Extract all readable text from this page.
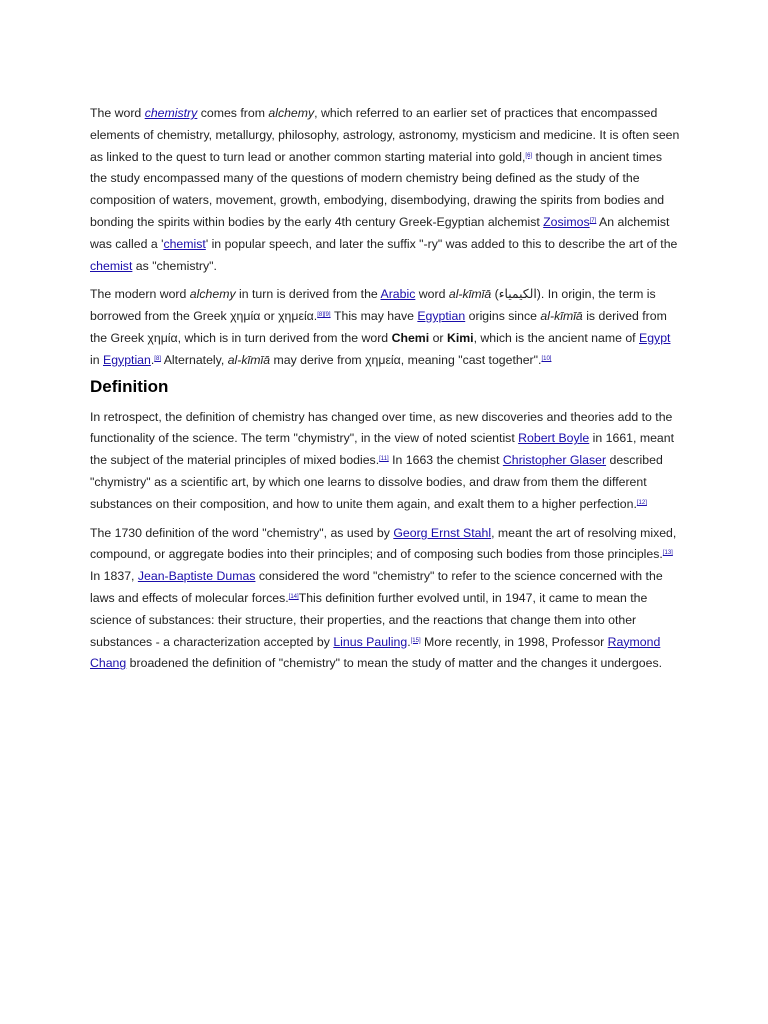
The word chemistry comes from alchemy, which referred to an earlier set of practices that encompassed elements of chemistry, metallurgy, philosophy, astrology, astronomy, mysticism and medicine. It is often seen as linked to the quest to turn lead or another common starting material into gold,[6] though in ancient times the study encompassed many of the questions of modern chemistry being defined as the study of the composition of waters, movement, growth, embodying, disembodying, drawing the spirits from bodies and bonding the spirits within bodies by the early 4th century Greek-Egyptian alchemist Zosimos[7] An alchemist was called a 'chemist' in popular speech, and later the suffix "-ry" was added to this to describe the art of the chemist as "chemistry".

The modern word alchemy in turn is derived from the Arabic word al-kīmīā (الكيمياء). In origin, the term is borrowed from the Greek χημία or χημεία.[8][9] This may have Egyptian origins since al-kīmīā is derived from the Greek χημία, which is in turn derived from the word Chemi or Kimi, which is the ancient name of Egypt in Egyptian.[8] Alternately, al-kīmīā may derive from χημεία, meaning "cast together".[10]

Definition

In retrospect, the definition of chemistry has changed over time, as new discoveries and theories add to the functionality of the science. The term "chymistry", in the view of noted scientist Robert Boyle in 1661, meant the subject of the material principles of mixed bodies.[11] In 1663 the chemist Christopher Glaser described "chymistry" as a scientific art, by which one learns to dissolve bodies, and draw from them the different substances on their composition, and how to unite them again, and exalt them to a higher perfection.[12]

The 1730 definition of the word "chemistry", as used by Georg Ernst Stahl, meant the art of resolving mixed, compound, or aggregate bodies into their principles; and of composing such bodies from those principles.[13] In 1837, Jean-Baptiste Dumas considered the word "chemistry" to refer to the science concerned with the laws and effects of molecular forces.[14]This definition further evolved until, in 1947, it came to mean the science of substances: their structure, their properties, and the reactions that change them into other substances - a characterization accepted by Linus Pauling.[15] More recently, in 1998, Professor Raymond Chang broadened the definition of "chemistry" to mean the study of matter and the changes it undergoes.
